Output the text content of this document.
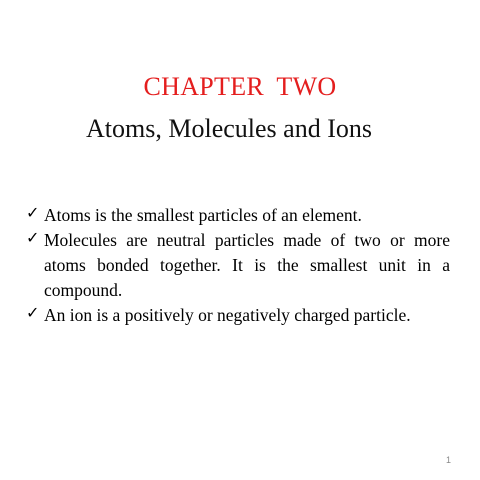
CHAPTER TWO
Atoms, Molecules and Ions
✓ Atoms is the smallest particles of an element.
✓ Molecules are neutral particles made of two or more atoms bonded together. It is the smallest unit in a compound.
✓ An ion is a positively or negatively charged particle.
1
